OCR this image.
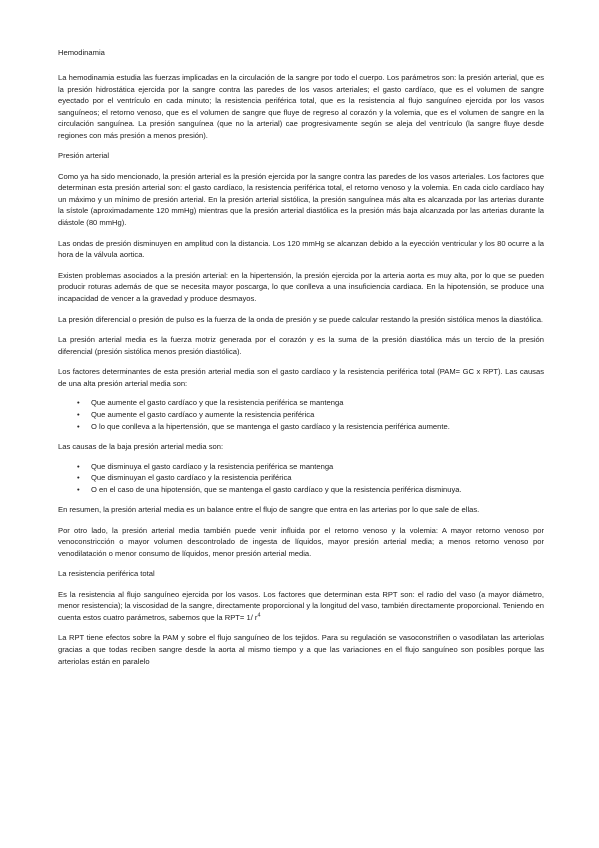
Hemodinamia

La hemodinamia estudia las fuerzas implicadas en la circulación de la sangre por todo el cuerpo. Los parámetros son: la presión arterial, que es la presión hidrostática ejercida por la sangre contra las paredes de los vasos arteriales; el gasto cardíaco, que es el volumen de sangre eyectado por el ventrículo en cada minuto; la resistencia periférica total, que es la resistencia al flujo sanguíneo ejercida por los vasos sanguíneos; el retorno venoso, que es el volumen de sangre que fluye de regreso al corazón y la volemia, que es el volumen de sangre en la circulación sanguínea. La presión sanguínea (que no la arterial) cae progresivamente según se aleja del ventrículo (la sangre fluye desde regiones con más presión a menos presión).

Presión arterial

Como ya ha sido mencionado, la presión arterial es la presión ejercida por la sangre contra las paredes de los vasos arteriales. Los factores que determinan esta presión arterial son: el gasto cardíaco, la resistencia periférica total, el retorno venoso y la volemia. En cada ciclo cardíaco hay un máximo y un mínimo de presión arterial. En la presión arterial sistólica, la presión sanguínea más alta es alcanzada por las arterias durante la sístole (aproximadamente 120 mmHg) mientras que la presión arterial diastólica es la presión más baja alcanzada por las arterias durante la diástole (80 mmHg).

Las ondas de presión disminuyen en amplitud con la distancia. Los 120 mmHg se alcanzan debido a la eyección ventricular y los 80 ocurre a la hora de la válvula aortica.

Existen problemas asociados a la presión arterial: en la hipertensión, la presión ejercida por la arteria aorta es muy alta, por lo que se pueden producir roturas además de que se necesita mayor poscarga, lo que conlleva a una insuficiencia cardiaca. En la hipotensión, se produce una incapacidad de vencer a la gravedad y produce desmayos.

La presión diferencial o presión de pulso es la fuerza de la onda de presión y se puede calcular restando la presión sistólica menos la diastólica.

La presión arterial media es la fuerza motriz generada por el corazón y es la suma de la presión diastólica más un tercio de la presión diferencial (presión sistólica menos presión diastólica).

Los factores determinantes de esta presión arterial media son el gasto cardíaco y la resistencia periférica total (PAM= GC x RPT). Las causas de una alta presión arterial media son:

• Que aumente el gasto cardíaco y que la resistencia periférica se mantenga
• Que aumente el gasto cardíaco y aumente la resistencia periférica
• O lo que conlleva a la hipertensión, que se mantenga el gasto cardíaco y la resistencia periférica aumente.

Las causas de la baja presión arterial media son:

• Que disminuya el gasto cardíaco y la resistencia periférica se mantenga
• Que disminuyan el gasto cardíaco y la resistencia periférica
• O en el caso de una hipotensión, que se mantenga el gasto cardíaco y que la resistencia periférica disminuya.

En resumen, la presión arterial media es un balance entre el flujo de sangre que entra en las arterias por lo que sale de ellas.

Por otro lado, la presión arterial media también puede venir influida por el retorno venoso y la volemia: A mayor retorno venoso por venoconstricción o mayor volumen descontrolado de ingesta de líquidos, mayor presión arterial media; a menos retorno venoso por venodilatación o menor consumo de líquidos, menor presión arterial media.

La resistencia periférica total

Es la resistencia al flujo sanguíneo ejercida por los vasos. Los factores que determinan esta RPT son: el radio del vaso (a mayor diámetro, menor resistencia); la viscosidad de la sangre, directamente proporcional y la longitud del vaso, también directamente proporcional. Teniendo en cuenta estos cuatro parámetros, sabemos que la RPT= 1/ $r^4$

La RPT tiene efectos sobre la PAM y sobre el flujo sanguíneo de los tejidos. Para su regulación se vasoconstriñen o vasodilatan las arteriolas gracias a que todas reciben sangre desde la aorta al mismo tiempo y a que las variaciones en el flujo sanguíneo son posibles porque las arteriolas están en paralelo
